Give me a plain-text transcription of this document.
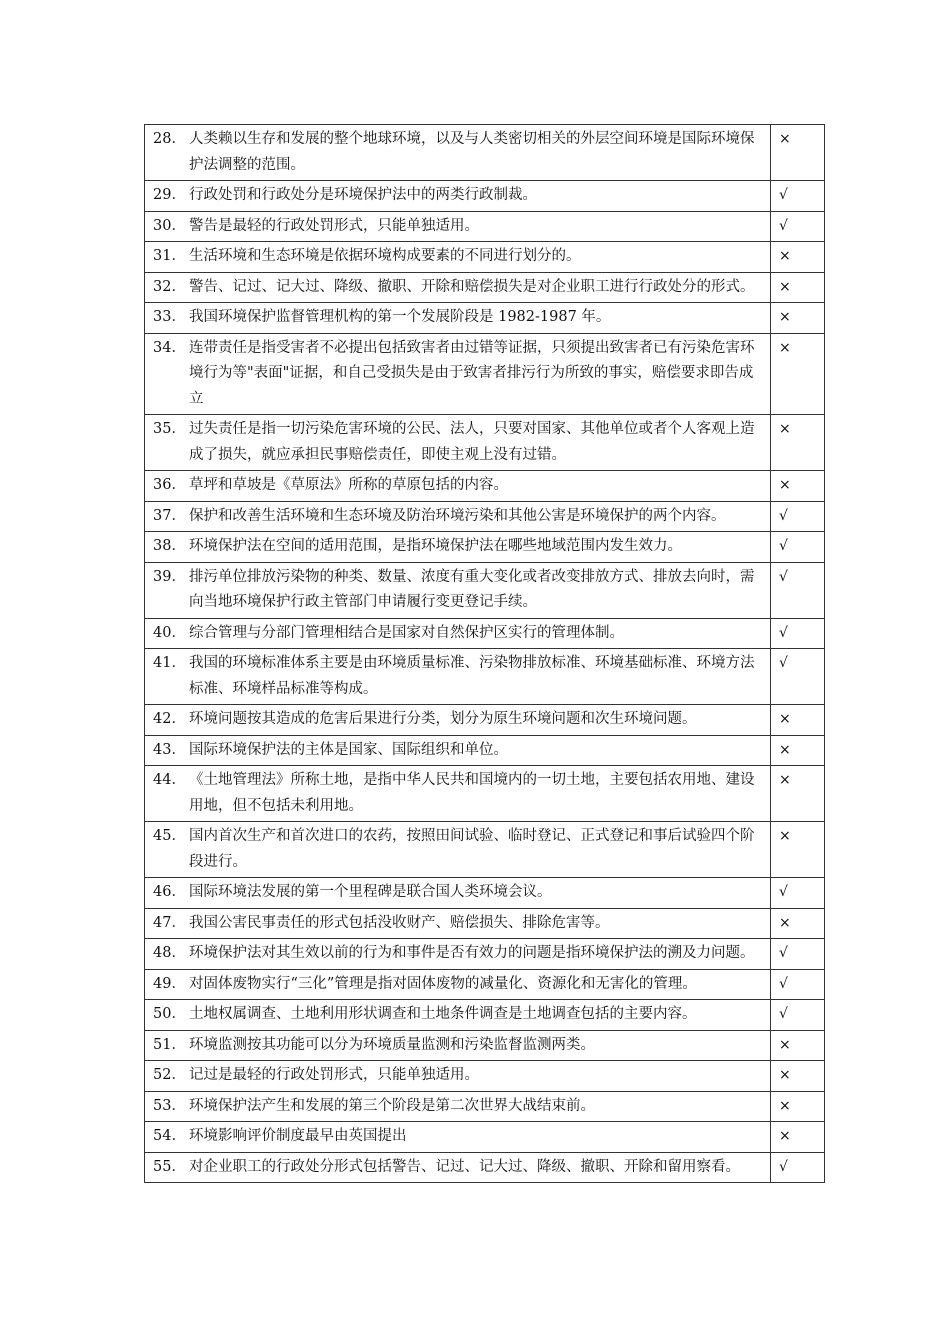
28． 人类赖以生存和发展的整个地球环境，以及与人类密切相关的外层空间环境是国际环境保护法调整的范围。	×

29． 行政处罚和行政处分是环境保护法中的两类行政制裁。	√

30． 警告是最轻的行政处罚形式，只能单独适用。	√

31． 生活环境和生态环境是依据环境构成要素的不同进行划分的。	×

32． 警告、记过、记大过、降级、撤职、开除和赔偿损失是对企业职工进行行政处分的形式。	×

33． 我国环境保护监督管理机构的第一个发展阶段是 1982-1987 年。	×

34． 连带责任是指受害者不必提出包括致害者由过错等证据，只须提出致害者已有污染危害环境行为等"表面"证据，和自己受损失是由于致害者排污行为所致的事实，赔偿要求即告成立	×

35． 过失责任是指一切污染危害环境的公民、法人，只要对国家、其他单位或者个人客观上造成了损失，就应承担民事赔偿责任，即使主观上没有过错。	×

36． 草坪和草坡是《草原法》所称的草原包括的内容。	×

37． 保护和改善生活环境和生态环境及防治环境污染和其他公害是环境保护的两个内容。	√

38． 环境保护法在空间的适用范围，是指环境保护法在哪些地域范围内发生效力。	√

39． 排污单位排放污染物的种类、数量、浓度有重大变化或者改变排放方式、排放去向时，需向当地环境保护行政主管部门申请履行变更登记手续。	√

40． 综合管理与分部门管理相结合是国家对自然保护区实行的管理体制。	√

41． 我国的环境标准体系主要是由环境质量标准、污染物排放标准、环境基础标准、环境方法标准、环境样品标准等构成。	√

42． 环境问题按其造成的危害后果进行分类，划分为原生环境问题和次生环境问题。	×

43． 国际环境保护法的主体是国家、国际组织和单位。	×

44． 《土地管理法》所称土地，是指中华人民共和国境内的一切土地，主要包括农用地、建设用地，但不包括未利用地。	×

45． 国内首次生产和首次进口的农药，按照田间试验、临时登记、正式登记和事后试验四个阶段进行。	×

46． 国际环境法发展的第一个里程碑是联合国人类环境会议。	√

47． 我国公害民事责任的形式包括没收财产、赔偿损失、排除危害等。	×

48． 环境保护法对其生效以前的行为和事件是否有效力的问题是指环境保护法的溯及力问题。	√

49． 对固体废物实行“三化”管理是指对固体废物的减量化、资源化和无害化的管理。	√

50． 土地权属调查、土地利用形状调查和土地条件调查是土地调查包括的主要内容。	√

51． 环境监测按其功能可以分为环境质量监测和污染监督监测两类。	×

52． 记过是最轻的行政处罚形式，只能单独适用。	×

53． 环境保护法产生和发展的第三个阶段是第二次世界大战结束前。	×

54． 环境影响评价制度最早由英国提出	×

55． 对企业职工的行政处分形式包括警告、记过、记大过、降级、撤职、开除和留用察看。	√
